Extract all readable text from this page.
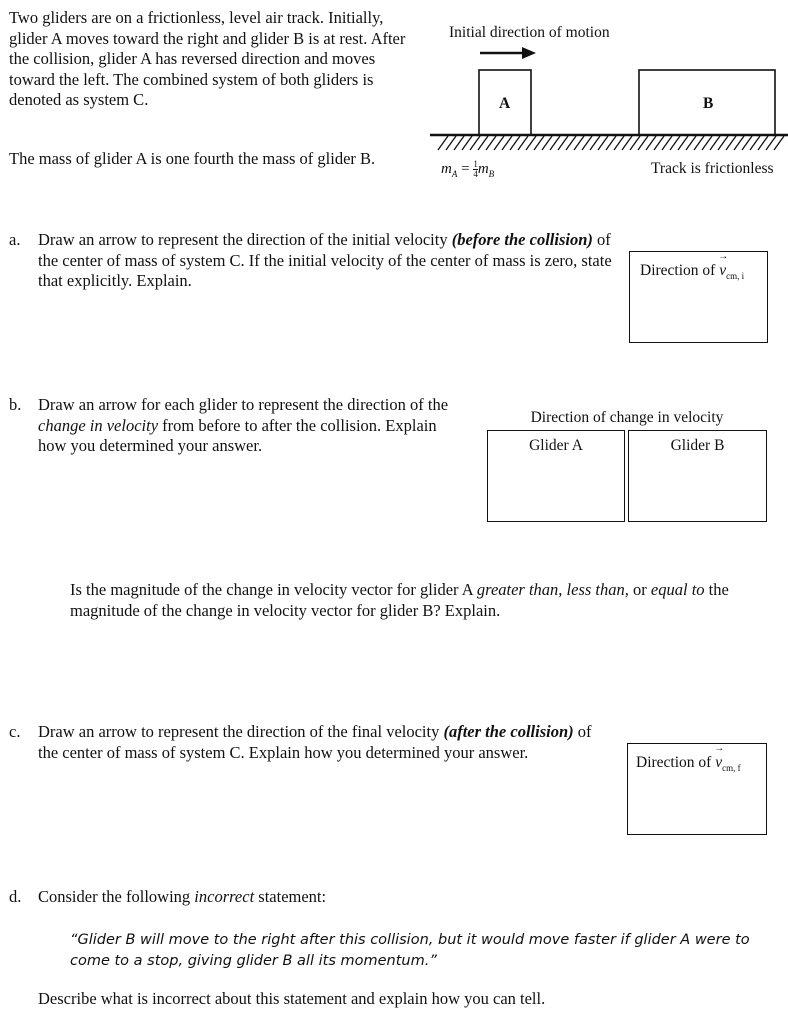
Two gliders are on a frictionless, level air track. Initially, glider A moves toward the right and glider B is at rest. After the collision, glider A has reversed direction and moves toward the left. The combined system of both gliders is denoted as system C.
The mass of glider A is one fourth the mass of glider B.
Initial direction of motion
A	B
Track is frictionless
$m_A = \frac{1}{4} m_B$
a. Draw an arrow to represent the direction of the initial velocity (before the collision) of the center of mass of system C. If the initial velocity of the center of mass is zero, state that explicitly. Explain.
Direction of → $v_{cm, i}$
b. Draw an arrow for each glider to represent the direction of the change in velocity from before to after the collision. Explain how you determined your answer.
Direction of change in velocity
Glider A	Glider B
Is the magnitude of the change in velocity vector for glider A greater than, less than, or equal to the magnitude of the change in velocity vector for glider B? Explain.
c. Draw an arrow to represent the direction of the final velocity (after the collision) of the center of mass of system C. Explain how you determined your answer.
Direction of → $v_{cm, f}$
d. Consider the following incorrect statement:
“Glider B will move to the right after this collision, but it would move faster if glider A were to come to a stop, giving glider B all its momentum.”
Describe what is incorrect about this statement and explain how you can tell.
